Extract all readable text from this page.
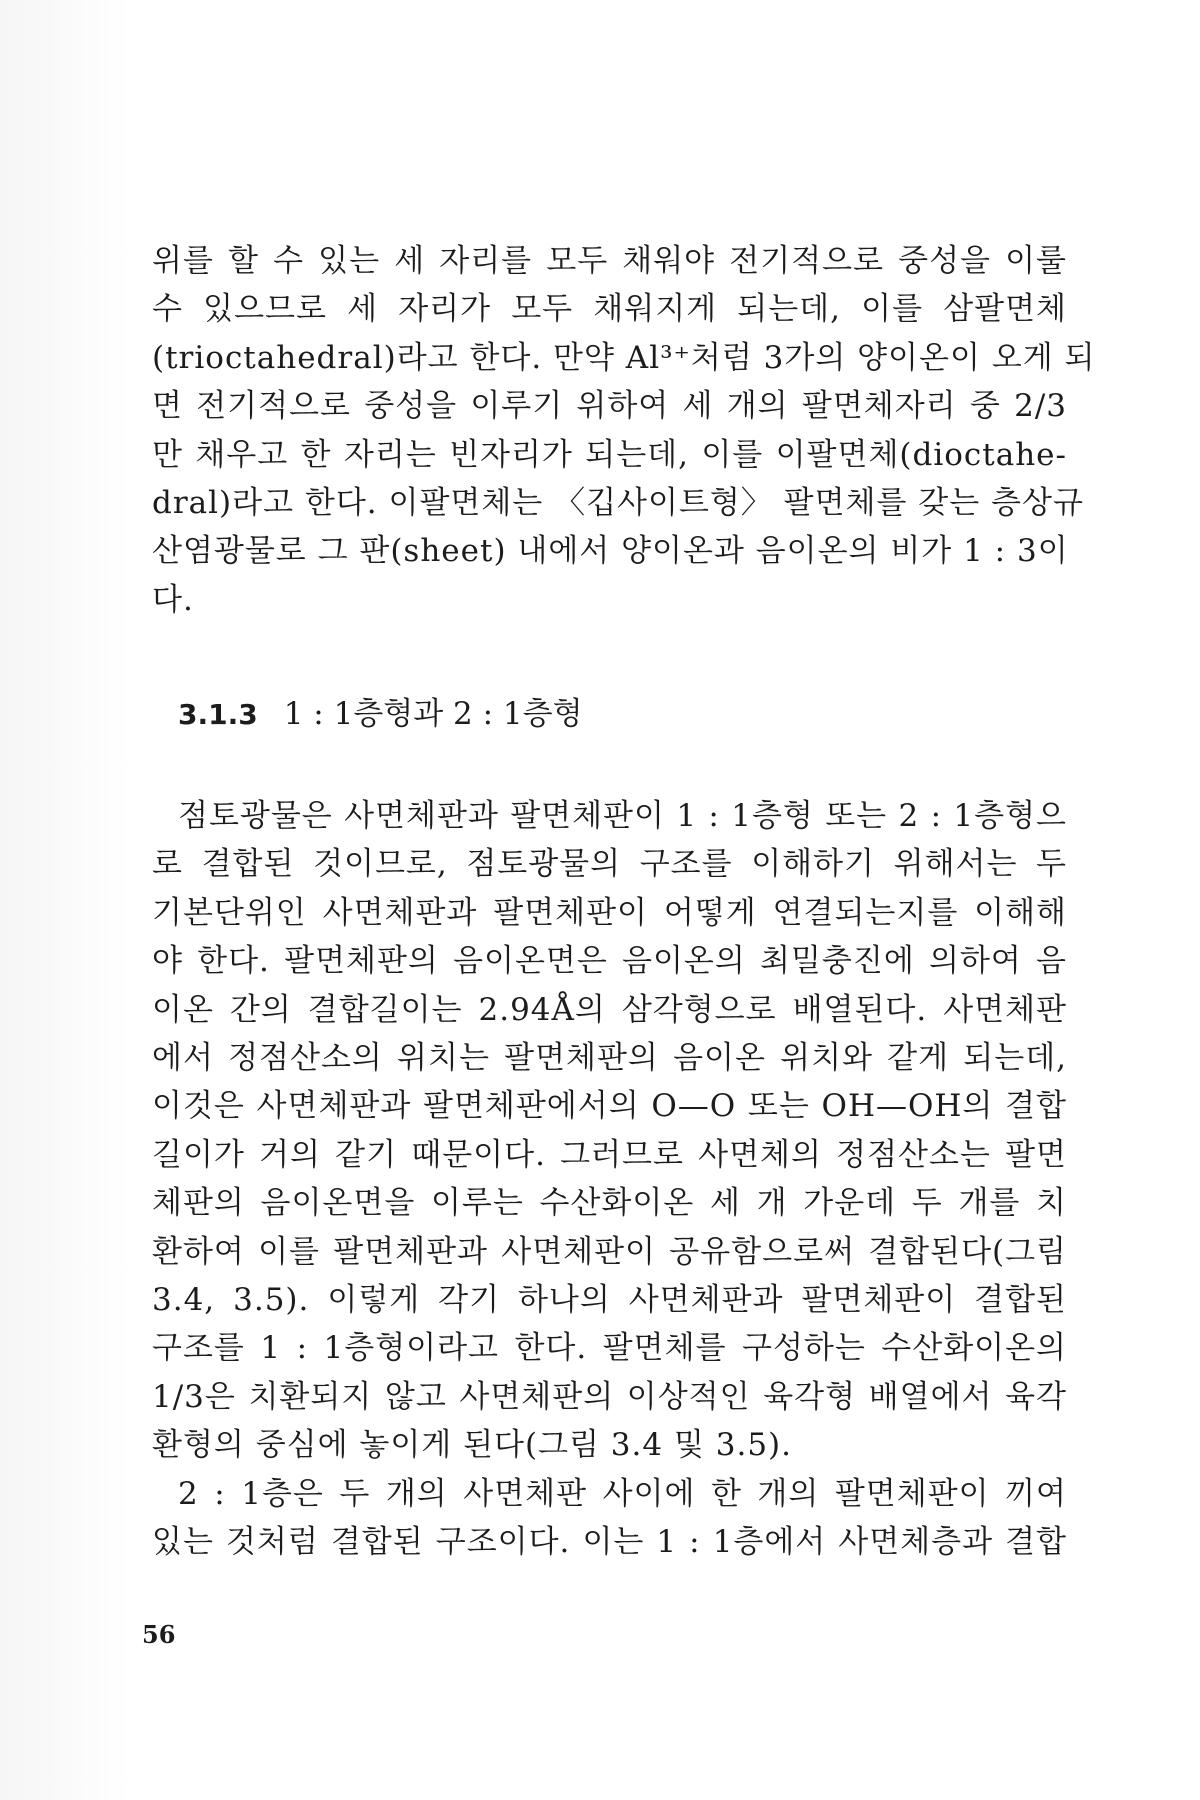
위를 할 수 있는 세 자리를 모두 채워야 전기적으로 중성을 이룰
수 있으므로 세 자리가 모두 채워지게 되는데, 이를 삼팔면체
(trioctahedral)라고 한다. 만약 Al³⁺처럼 3가의 양이온이 오게 되
면 전기적으로 중성을 이루기 위하여 세 개의 팔면체자리 중 2/3
만 채우고 한 자리는 빈자리가 되는데, 이를 이팔면체(dioctahe-
dral)라고 한다. 이팔면체는 〈깁사이트형〉 팔면체를 갖는 층상규
산염광물로 그 판(sheet) 내에서 양이온과 음이온의 비가 1 : 3이
다.
3.1.3 1 : 1층형과 2 : 1층형
점토광물은 사면체판과 팔면체판이 1 : 1층형 또는 2 : 1층형으
로 결합된 것이므로, 점토광물의 구조를 이해하기 위해서는 두
기본단위인 사면체판과 팔면체판이 어떻게 연결되는지를 이해해
야 한다. 팔면체판의 음이온면은 음이온의 최밀충진에 의하여 음
이온 간의 결합길이는 2.94Å의 삼각형으로 배열된다. 사면체판
에서 정점산소의 위치는 팔면체판의 음이온 위치와 같게 되는데,
이것은 사면체판과 팔면체판에서의 O—O 또는 OH—OH의 결합
길이가 거의 같기 때문이다. 그러므로 사면체의 정점산소는 팔면
체판의 음이온면을 이루는 수산화이온 세 개 가운데 두 개를 치
환하여 이를 팔면체판과 사면체판이 공유함으로써 결합된다(그림
3.4, 3.5). 이렇게 각기 하나의 사면체판과 팔면체판이 결합된
구조를 1 : 1층형이라고 한다. 팔면체를 구성하는 수산화이온의
1/3은 치환되지 않고 사면체판의 이상적인 육각형 배열에서 육각
환형의 중심에 놓이게 된다(그림 3.4 및 3.5).
2 : 1층은 두 개의 사면체판 사이에 한 개의 팔면체판이 끼여
있는 것처럼 결합된 구조이다. 이는 1 : 1층에서 사면체층과 결합
56
